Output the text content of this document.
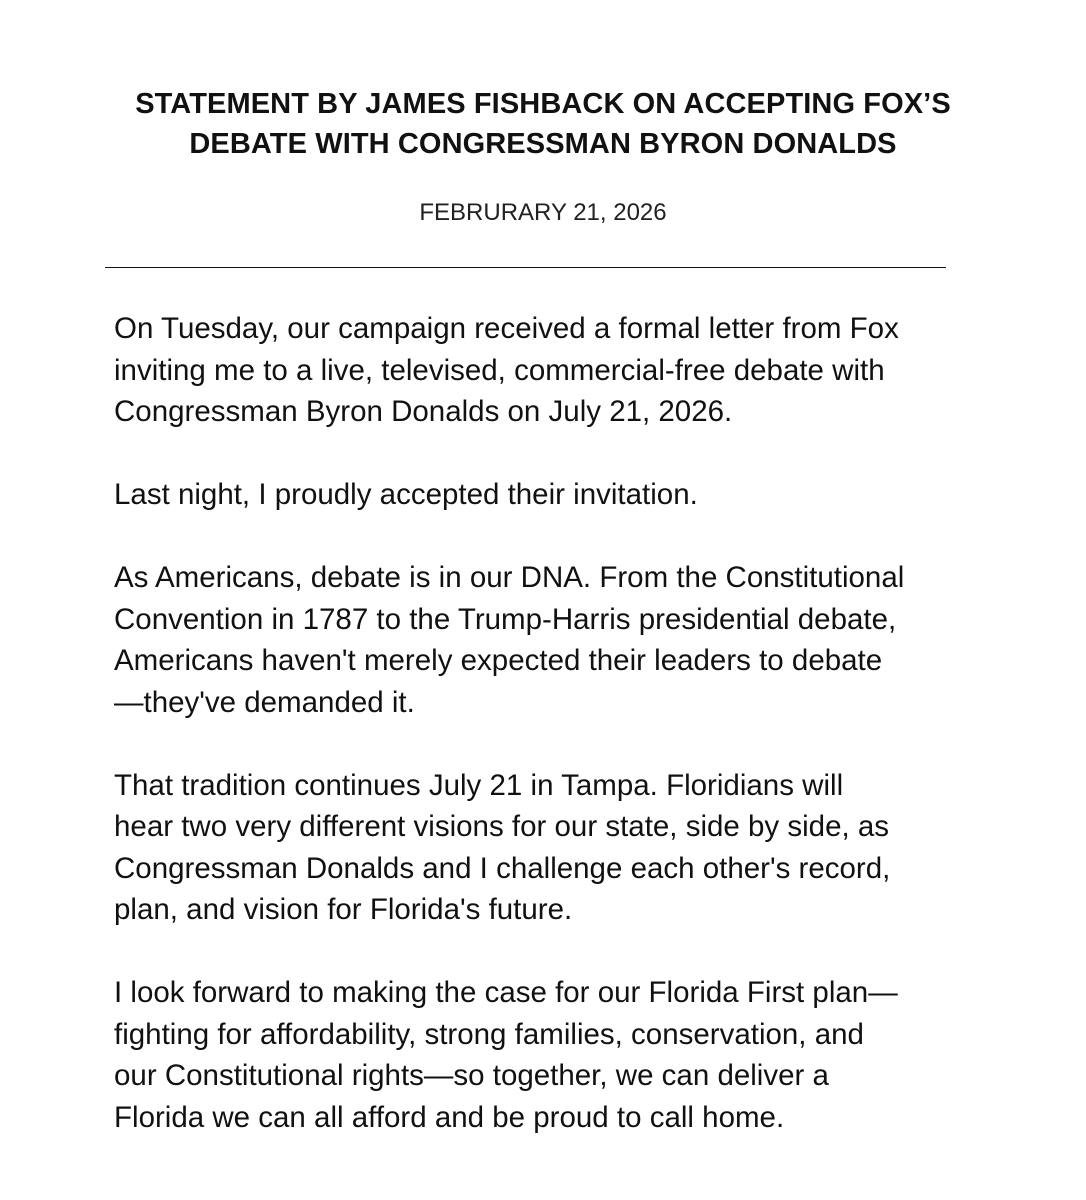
STATEMENT BY JAMES FISHBACK ON ACCEPTING FOX’S
DEBATE WITH CONGRESSMAN BYRON DONALDS
FEBRURARY 21, 2026

On Tuesday, our campaign received a formal letter from Fox
inviting me to a live, televised, commercial-free debate with
Congressman Byron Donalds on July 21, 2026.

Last night, I proudly accepted their invitation.

As Americans, debate is in our DNA. From the Constitutional
Convention in 1787 to the Trump-Harris presidential debate,
Americans haven't merely expected their leaders to debate
—they've demanded it.

That tradition continues July 21 in Tampa. Floridians will
hear two very different visions for our state, side by side, as
Congressman Donalds and I challenge each other's record,
plan, and vision for Florida's future.

I look forward to making the case for our Florida First plan—
fighting for affordability, strong families, conservation, and
our Constitutional rights—so together, we can deliver a
Florida we can all afford and be proud to call home.
